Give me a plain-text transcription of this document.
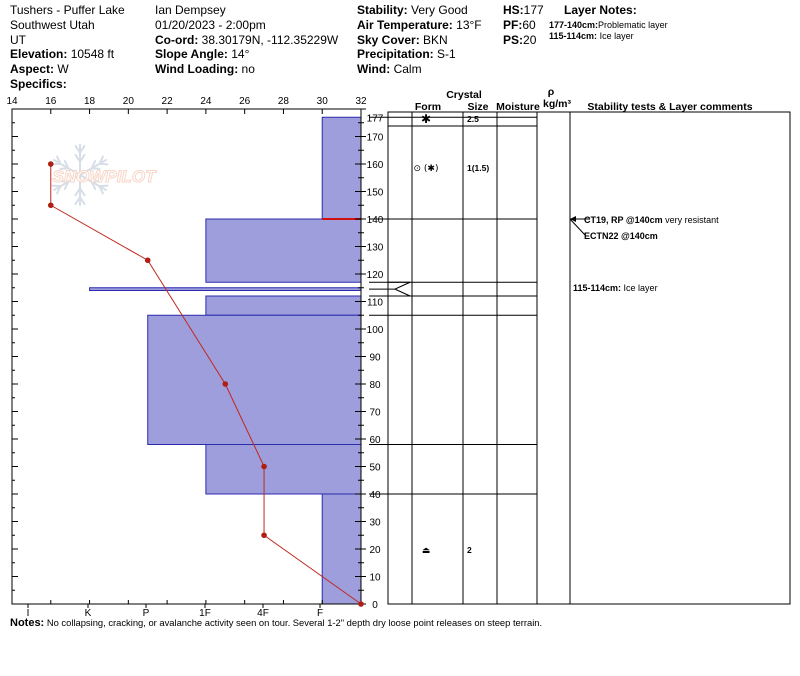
Tushers - Puffer Lake
Southwest Utah
UT
Elevation: 10548 ft
Aspect: W
Specifics:
Ian Dempsey
01/20/2023 - 2:00pm
Co-ord: 38.30179N, -112.35229W
Slope Angle: 14°
Wind Loading: no
Stability: Very Good
Air Temperature: 13°F
Sky Cover: BKN
Precipitation: S-1
Wind: Calm
HS:177
PF:60
PS:20
Layer Notes:
177-140cm:Problematic layer
115-114cm: Ice layer
SNOWPILOT
14	16	18	20	22	24	26	28	30	32
I	K	P	1F	4F	F
0
10
20
30
40
50
60
70
80
90
100
110
120
130
140
150
160
170
177
Crystal
Form	Size Moisture
ρ
kg/m³ Stability tests & Layer comments
✱	2.5
⊙ (✱)	1(1.5)
⏏	2
CT19, RP @140cm very resistant
ECTN22 @140cm
115-114cm: Ice layer
Notes: No collapsing, cracking, or avalanche activity seen on tour. Several 1-2" depth dry loose point releases on steep terrain.
